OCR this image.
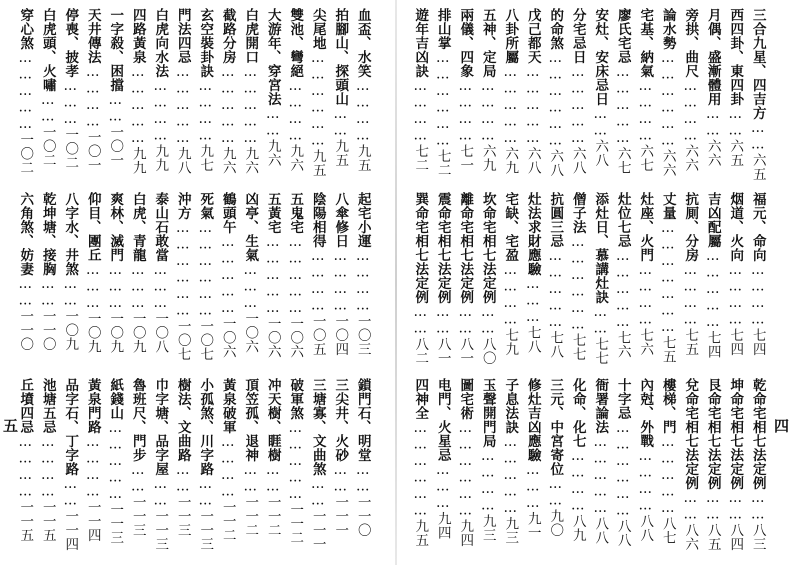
血盃、水笑…………九五
拍腳山、探頭山……九五
尖尾地………………九五
雙池、彎絕…………九六
大游年、穿宮法……九六
白虎開口……………九六
截路分房……………九六
玄空裝卦訣…………九七
門法四忌……………九八
白虎向水法…………九九
四路黃泉……………九九
一字殺、困擋……一〇一
天井傳法…………一〇一
停喪、披孝………一〇二
白虎頭、火嘯……一〇二
穿心煞……………一〇二
起宅小運…………一〇三
八傘修日…………一〇四
陰陽相得…………一〇五
五鬼宅……………一〇六
五黃宅……………一〇六
凶亭、生氣………一〇六
鶴頭午……………一〇六
死氣………………一〇七
沖方………………一〇七
泰山石敢當………一〇八
白虎、青龍………一〇九
爽林、滅門………一〇九
仰目、團丘………一〇九
八字水、井煞……一〇九
乾坤塘、接胸……一一〇
六角煞、妨妻……一一〇
鎖門石、明堂……一一〇
三尖井、火砂……一一一
三塘寡、文曲煞……一一一
破軍煞……………一一二
冲天樹、睚樹……一一二
頂笠孤、退神……一一二
黃泉破軍…………一一二
小孤煞、川字路……一一三
樹法、文曲路……一一三
巾字塘、品字屋……一一三
魯班尺、門步……一一三
紙錢山……………一一三
黃泉門路…………一一四
品字石、丁字路……一一四
池塘五忌…………一一五
丘墳四忌…………一一五
五
三合九星、四吉方……六五
西四卦、東四卦……六五
月偶、盛漸體用……六六
旁拱、曲尺…………六六
論水勢………………六六
宅基、納氣…………六七
廖氏宅忌……………六七
安灶、安床忌日……六八
分宅忌日……………六八
的命煞………………六八
戊己都天……………六八
八卦所屬……………六九
五神、定局…………六九
兩儀、四象…………七一
排山掌………………七二
遊年吉凶訣…………七二
福元、命向…………七四
烟道、火向…………七四
吉凶配屬……………七四
抗厠、分房…………七五
丈量…………………七五
灶座、火門…………七六
灶位七忌……………七六
添灶日、慕講灶訣……七七
僧子法………………七七
抗圓三忌……………七八
灶法求財應驗………七八
宅缺、宅盈…………七九
坎命宅相七法定例……八〇
離命宅相七法定例……八一
震命宅相七法定例……八一
巽命宅相七法定例……八二
乾命宅相七法定例……八三
坤命宅相七法定例……八四
艮命宅相七法定例……八五
兌命宅相七法定例……八六
樓梯、門……………八七
內尅、外戰…………八八
十字忌………………八八
衙署論法……………八八
化命、化七…………八九
三元、中宮寄位……九〇
修灶吉凶應驗………九一
子息法訣……………九三
玉聲開門局…………九三
圖宅術………………九四
电門、火星忌………九四
四神全………………九五
四
